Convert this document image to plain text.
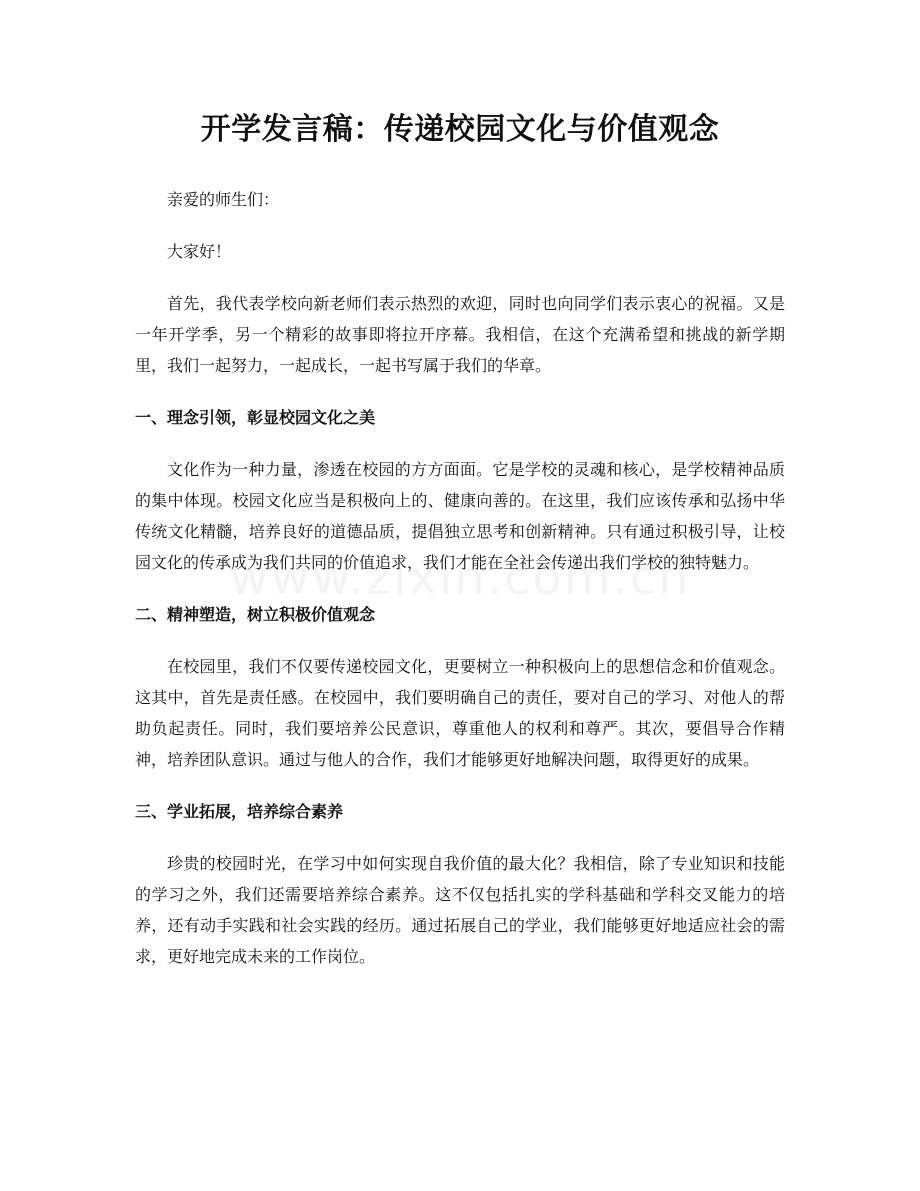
开学发言稿：传递校园文化与价值观念

亲爱的师生们：

大家好！

首先，我代表学校向新老师们表示热烈的欢迎，同时也向同学们表示衷心的祝福。又是一年开学季，另一个精彩的故事即将拉开序幕。我相信，在这个充满希望和挑战的新学期里，我们一起努力，一起成长，一起书写属于我们的华章。

一、理念引领，彰显校园文化之美

文化作为一种力量，渗透在校园的方方面面。它是学校的灵魂和核心，是学校精神品质的集中体现。校园文化应当是积极向上的、健康向善的。在这里，我们应该传承和弘扬中华传统文化精髓，培养良好的道德品质，提倡独立思考和创新精神。只有通过积极引导，让校园文化的传承成为我们共同的价值追求，我们才能在全社会传递出我们学校的独特魅力。

二、精神塑造，树立积极价值观念

在校园里，我们不仅要传递校园文化，更要树立一种积极向上的思想信念和价值观念。这其中，首先是责任感。在校园中，我们要明确自己的责任，要对自己的学习、对他人的帮助负起责任。同时，我们要培养公民意识，尊重他人的权利和尊严。其次，要倡导合作精神，培养团队意识。通过与他人的合作，我们才能够更好地解决问题，取得更好的成果。

三、学业拓展，培养综合素养

珍贵的校园时光，在学习中如何实现自我价值的最大化？我相信，除了专业知识和技能的学习之外，我们还需要培养综合素养。这不仅包括扎实的学科基础和学科交叉能力的培养，还有动手实践和社会实践的经历。通过拓展自己的学业，我们能够更好地适应社会的需求，更好地完成未来的工作岗位。
